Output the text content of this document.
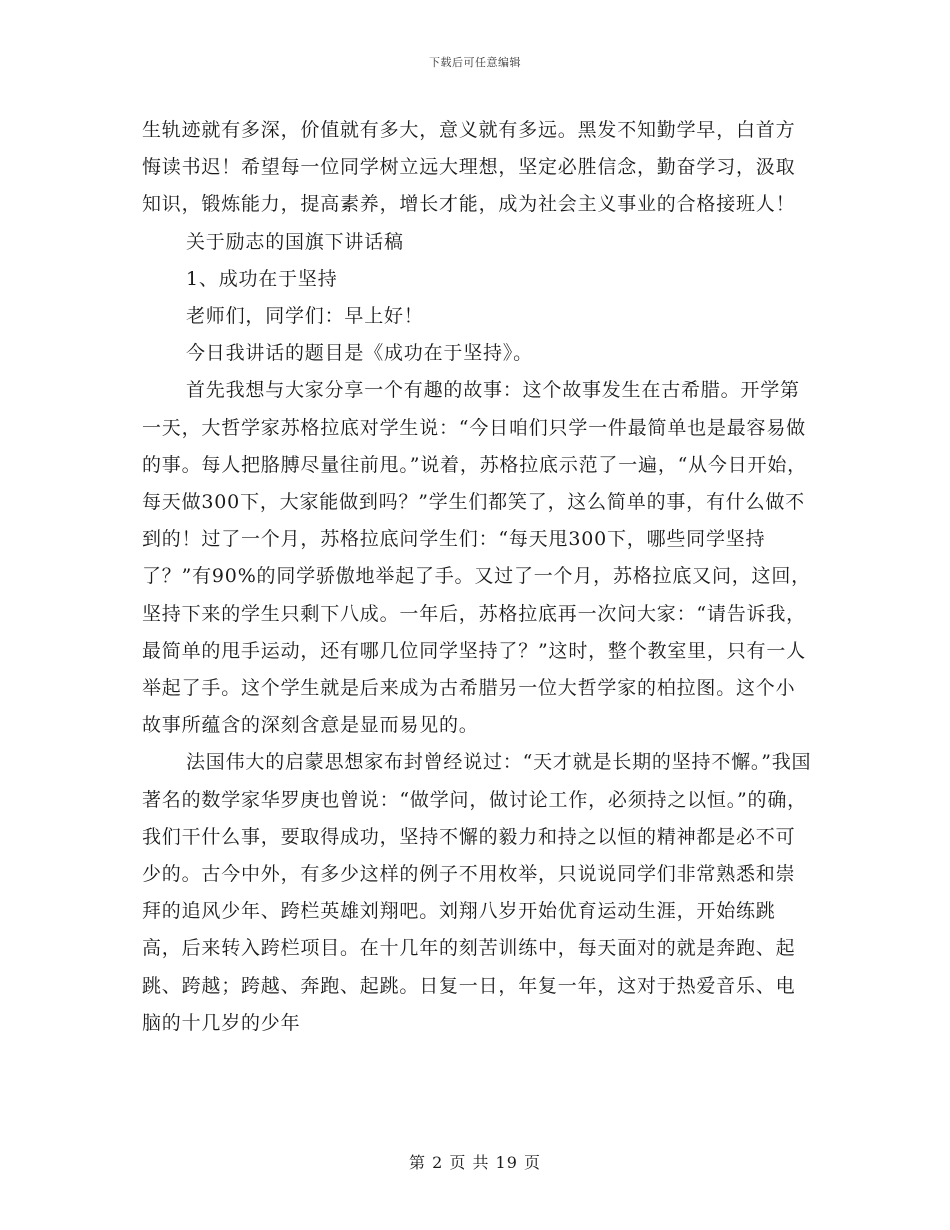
下载后可任意编辑

生轨迹就有多深，价值就有多大，意义就有多远。黑发不知勤学早，白首方悔读书迟！希望每一位同学树立远大理想，坚定必胜信念，勤奋学习，汲取知识，锻炼能力，提高素养，增长才能，成为社会主义事业的合格接班人！

关于励志的国旗下讲话稿

1、成功在于坚持

老师们，同学们：早上好！

今日我讲话的题目是《成功在于坚持》。

首先我想与大家分享一个有趣的故事：这个故事发生在古希腊。开学第一天，大哲学家苏格拉底对学生说：“今日咱们只学一件最简单也是最容易做的事。每人把胳膊尽量往前甩。”说着，苏格拉底示范了一遍，“从今日开始，每天做300下，大家能做到吗？”学生们都笑了，这么简单的事，有什么做不到的！过了一个月，苏格拉底问学生们：“每天甩300下，哪些同学坚持了？”有90%的同学骄傲地举起了手。又过了一个月，苏格拉底又问，这回，坚持下来的学生只剩下八成。一年后，苏格拉底再一次问大家：“请告诉我，最简单的甩手运动，还有哪几位同学坚持了？”这时，整个教室里，只有一人举起了手。这个学生就是后来成为古希腊另一位大哲学家的柏拉图。这个小故事所蕴含的深刻含意是显而易见的。

法国伟大的启蒙思想家布封曾经说过：“天才就是长期的坚持不懈。”我国著名的数学家华罗庚也曾说：“做学问，做讨论工作，必须持之以恒。”的确，我们干什么事，要取得成功，坚持不懈的毅力和持之以恒的精神都是必不可少的。古今中外，有多少这样的例子不用枚举，只说说同学们非常熟悉和崇拜的追风少年、跨栏英雄刘翔吧。刘翔八岁开始优育运动生涯，开始练跳高，后来转入跨栏项目。在十几年的刻苦训练中，每天面对的就是奔跑、起跳、跨越；跨越、奔跑、起跳。日复一日，年复一年，这对于热爱音乐、电脑的十几岁的少年

第 2 页 共 19 页
